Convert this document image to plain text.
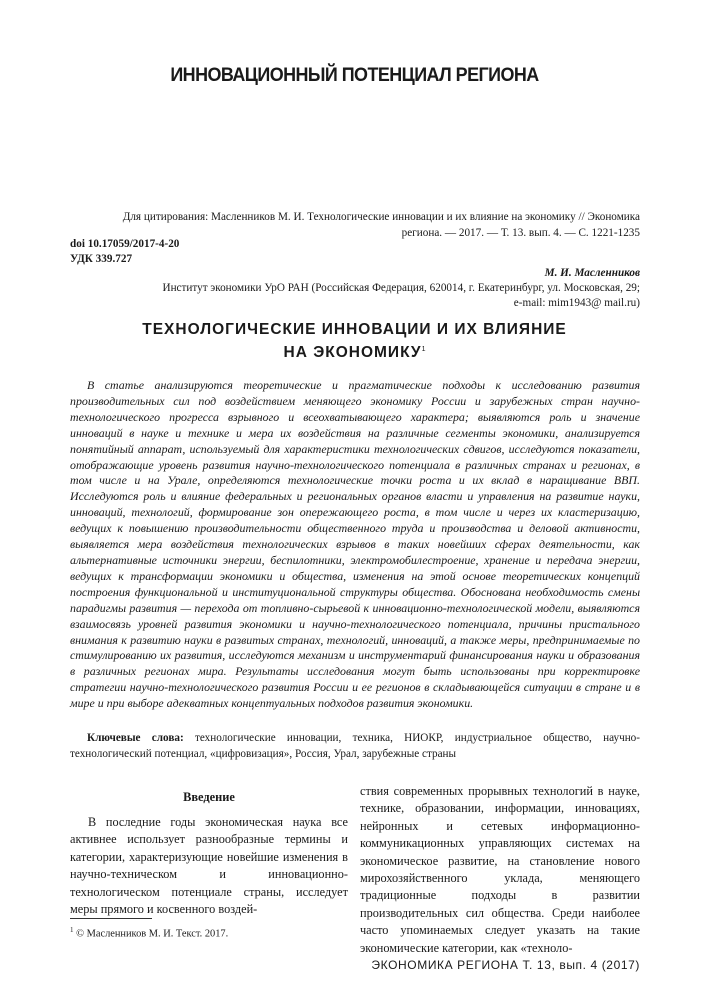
ИННОВАЦИОННЫЙ ПОТЕНЦИАЛ РЕГИОНА
Для цитирования: Масленников М. И. Технологические инновации и их влияние на экономику // Экономика
региона. — 2017. — Т. 13. вып. 4. — С. 1221-1235
doi 10.17059/2017-4-20
УДК 339.727
М. И. Масленников
Институт экономики УрО РАН (Российская Федерация, 620014, г. Екатеринбург, ул. Московская, 29;
e-mail: mim1943@ mail.ru)
ТЕХНОЛОГИЧЕСКИЕ ИННОВАЦИИ И ИХ ВЛИЯНИЕ
НА ЭКОНОМИКУ$^1$

В статье анализируются теоретические и прагматические подходы к исследованию развития производительных сил под воздействием меняющего экономику России и зарубежных стран научно-технологического прогресса взрывного и всеохватывающего характера; выявляются роль и значение инноваций в науке и технике и мера их воздействия на различные сегменты экономики, анализируется понятийный аппарат, используемый для характеристики технологических сдвигов, исследуются показатели, отображающие уровень развития научно-технологического потенциала в различных странах и регионах, в том числе и на Урале, определяются технологические точки роста и их вклад в наращивание ВВП. Исследуются роль и влияние федеральных и региональных органов власти и управления на развитие науки, инноваций, технологий, формирование зон опережающего роста, в том числе и через их кластеризацию, ведущих к повышению производительности общественного труда и производства и деловой активности, выявляется мера воздействия технологических взрывов в таких новейших сферах деятельности, как альтернативные источники энергии, беспилотники, электромобилестроение, хранение и передача энергии, ведущих к трансформации экономики и общества, изменения на этой основе теоретических концепций построения функциональной и институциональной структуры общества. Обоснована необходимость смены парадигмы развития — перехода от топливно-сырьевой к инновационно-технологической модели, выявляются взаимосвязь уровней развития экономики и научно-технологического потенциала, причины пристального внимания к развитию науки в развитых странах, технологий, инноваций, а также меры, предпринимаемые по стимулированию их развития, исследуются механизм и инструментарий финансирования науки и образования в различных регионах мира. Результаты исследования могут быть использованы при корректировке стратегии научно-технологического развития России и ее регионов в складывающейся ситуации в стране и в мире и при выборе адекватных концептуальных подходов развития экономики.

Ключевые слова: технологические инновации, техника, НИОКР, индустриальное общество, научно-технологический потенциал, «цифровизация», Россия, Урал, зарубежные страны

Введение

В последние годы экономическая наука все активнее использует разнообразные термины и категории, характеризующие новейшие изменения в научно-техническом и инновационно-технологическом потенциале страны, исследует меры прямого и косвенного воздей-

ствия современных прорывных технологий в науке, технике, образовании, информации, инновациях, нейронных и сетевых информационно-коммуникационных управляющих системах на экономическое развитие, на становление нового мирохозяйственного уклада, меняющего традиционные подходы в развитии производительных сил общества. Среди наиболее часто упоминаемых следует указать на такие экономические категории, как «техноло-

$^1$ © Масленников М. И. Текст. 2017.
ЭКОНОМИКА РЕГИОНА Т. 13, вып. 4 (2017)
